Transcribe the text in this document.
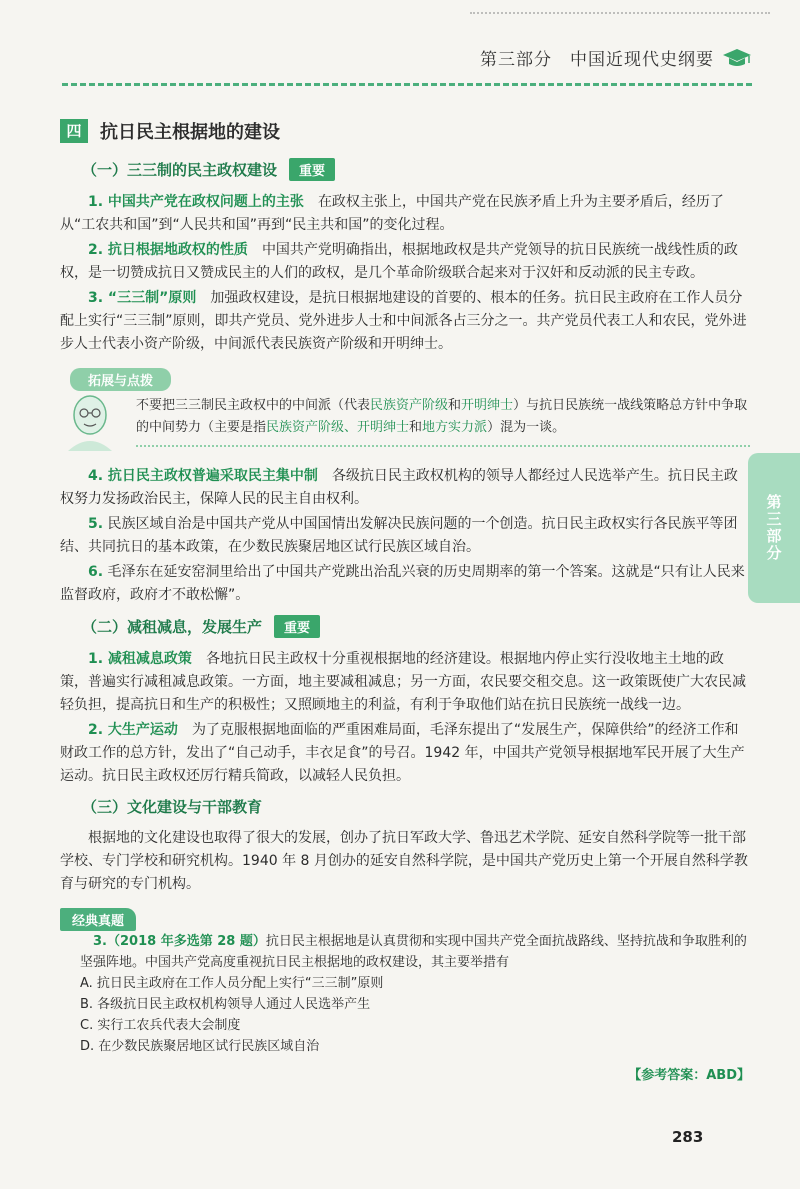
第三部分 中国近现代史纲要
第三部分
四	抗日民主根据地的建设
（一）三三制的民主政权建设	重要

1. 中国共产党在政权问题上的主张　 在政权主张上，中国共产党在民族矛盾上升为主要矛盾后，经历了从“工农共和国”到“人民共和国”再到“民主共和国”的变化过程。

2. 抗日根据地政权的性质　 中国共产党明确指出，根据地政权是共产党领导的抗日民族统一战线性质的政权，是一切赞成抗日又赞成民主的人们的政权，是几个革命阶级联合起来对于汉奸和反动派的民主专政。

3. “三三制”原则　 加强政权建设，是抗日根据地建设的首要的、根本的任务。抗日民主政府在工作人员分配上实行“三三制”原则，即共产党员、党外进步人士和中间派各占三分之一。共产党员代表工人和农民，党外进步人士代表小资产阶级，中间派代表民族资产阶级和开明绅士。

拓展与点拨
不要把三三制民主政权中的中间派（代表民族资产阶级和开明绅士）与抗日民族统一战线策略总方针中争取的中间势力（主要是指民族资产阶级、开明绅士和地方实力派）混为一谈。

4. 抗日民主政权普遍采取民主集中制　 各级抗日民主政权机构的领导人都经过人民选举产生。抗日民主政权努力发扬政治民主，保障人民的民主自由权利。

5. 民族区域自治是中国共产党从中国国情出发解决民族问题的一个创造。抗日民主政权实行各民族平等团结、共同抗日的基本政策，在少数民族聚居地区试行民族区域自治。

6. 毛泽东在延安窑洞里给出了中国共产党跳出治乱兴衰的历史周期率的第一个答案。这就是“只有让人民来监督政府，政府才不敢松懈”。

（二）减租减息，发展生产	重要

1. 减租减息政策　 各地抗日民主政权十分重视根据地的经济建设。根据地内停止实行没收地主土地的政策，普遍实行减租减息政策。一方面，地主要减租减息；另一方面，农民要交租交息。这一政策既使广大农民减轻负担，提高抗日和生产的积极性；又照顾地主的利益，有利于争取他们站在抗日民族统一战线一边。

2. 大生产运动　 为了克服根据地面临的严重困难局面，毛泽东提出了“发展生产，保障供给”的经济工作和财政工作的总方针，发出了“自己动手，丰衣足食”的号召。1942 年，中国共产党领导根据地军民开展了大生产运动。抗日民主政权还厉行精兵简政，以减轻人民负担。

（三）文化建设与干部教育

根据地的文化建设也取得了很大的发展，创办了抗日军政大学、鲁迅艺术学院、延安自然科学院等一批干部学校、专门学校和研究机构。1940 年 8 月创办的延安自然科学院，是中国共产党历史上第一个开展自然科学教育与研究的专门机构。

经典真题
3.（2018 年多选第 28 题）抗日民主根据地是认真贯彻和实现中国共产党全面抗战路线、坚持抗战和争取胜利的坚强阵地。中国共产党高度重视抗日民主根据地的政权建设，其主要举措有
A. 抗日民主政府在工作人员分配上实行“三三制”原则
B. 各级抗日民主政权机构领导人通过人民选举产生
C. 实行工农兵代表大会制度
D. 在少数民族聚居地区试行民族区域自治
【参考答案：ABD】
283
